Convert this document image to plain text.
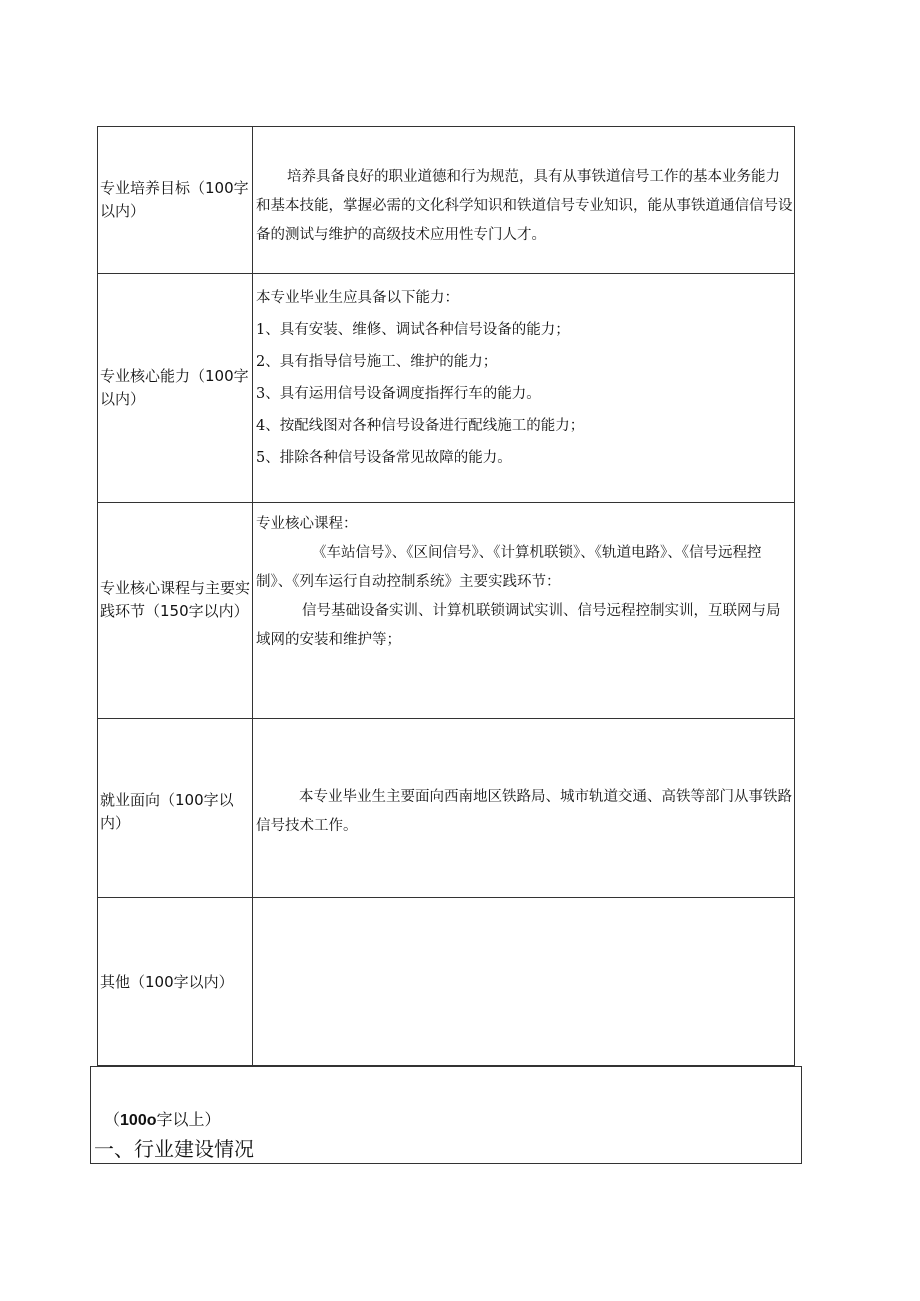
专业培养目标（100字以内）
培养具备良好的职业道德和行为规范，具有从事铁道信号工作的基本业务能力和基本技能，掌握必需的文化科学知识和铁道信号专业知识，能从事铁道通信信号设备的测试与维护的高级技术应用性专门人才。
专业核心能力（100字以内）
本专业毕业生应具备以下能力：
1、具有安装、维修、调试各种信号设备的能力；
2、具有指导信号施工、维护的能力；
3、具有运用信号设备调度指挥行车的能力。
4、按配线图对各种信号设备进行配线施工的能力；
5、排除各种信号设备常见故障的能力。
专业核心课程与主要实践环节（150字以内）
专业核心课程：
《车站信号》、《区间信号》、《计算机联锁》、《轨道电路》、《信号远程控制》、《列车运行自动控制系统》主要实践环节：
信号基础设备实训、计算机联锁调试实训、信号远程控制实训，互联网与局域网的安装和维护等；
就业面向（100字以内）
本专业毕业生主要面向西南地区铁路局、城市轨道交通、高铁等部门从事铁路信号技术工作。
其他（100字以内）
（100o字以上）
一、行业建设情况
